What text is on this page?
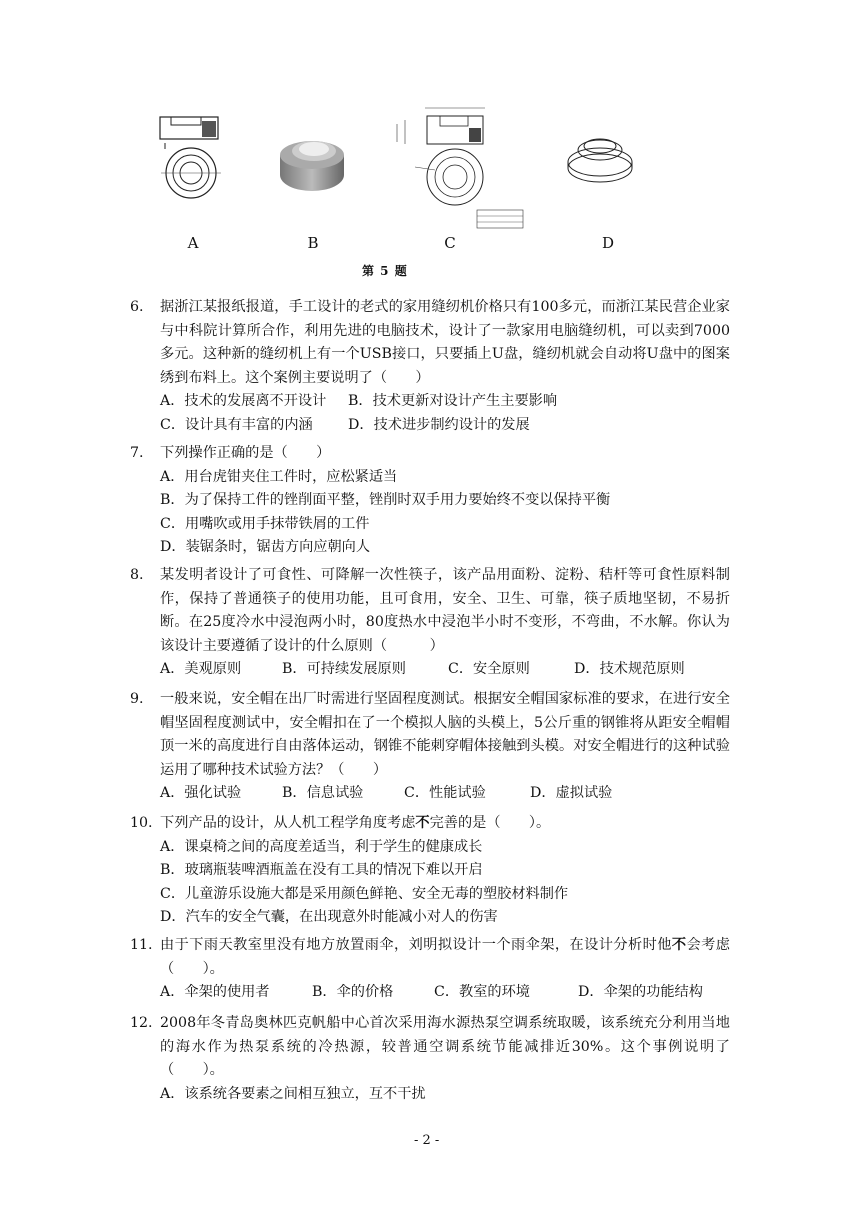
A	B	C	D
第 5 题
6. 据浙江某报纸报道，手工设计的老式的家用缝纫机价格只有100多元，而浙江某民营企业家与中科院计算所合作，利用先进的电脑技术，设计了一款家用电脑缝纫机，可以卖到7000多元。这种新的缝纫机上有一个USB接口，只要插上U盘，缝纫机就会自动将U盘中的图案绣到布料上。这个案例主要说明了（　　）
A．技术的发展离不开设计	B．技术更新对设计产生主要影响
C．设计具有丰富的内涵	D．技术进步制约设计的发展
7. 下列操作正确的是（　　）
A．用台虎钳夹住工件时，应松紧适当
B．为了保持工件的锉削面平整，锉削时双手用力要始终不变以保持平衡
C．用嘴吹或用手抹带铁屑的工件
D．装锯条时，锯齿方向应朝向人
8. 某发明者设计了可食性、可降解一次性筷子，该产品用面粉、淀粉、秸杆等可食性原料制作，保持了普通筷子的使用功能，且可食用，安全、卫生、可靠，筷子质地坚韧，不易折断。在25度冷水中浸泡两小时，80度热水中浸泡半小时不变形，不弯曲，不水解。你认为该设计主要遵循了设计的什么原则（　　　）
A．美观原则	B．可持续发展原则	C．安全原则	D．技术规范原则
9. 一般来说，安全帽在出厂时需进行坚固程度测试。根据安全帽国家标准的要求，在进行安全帽坚固程度测试中，安全帽扣在了一个模拟人脑的头模上，5公斤重的钢锥将从距安全帽帽顶一米的高度进行自由落体运动，钢锥不能刺穿帽体接触到头模。对安全帽进行的这种试验运用了哪种技术试验方法？（　　）
A．强化试验	B．信息试验	C．性能试验	D．虚拟试验
10. 下列产品的设计，从人机工程学角度考虑不完善的是（　　）。
A．课桌椅之间的高度差适当，利于学生的健康成长
B．玻璃瓶装啤酒瓶盖在没有工具的情况下难以开启
C．儿童游乐设施大都是采用颜色鲜艳、安全无毒的塑胶材料制作
D．汽车的安全气囊，在出现意外时能减小对人的伤害
11. 由于下雨天教室里没有地方放置雨伞，刘明拟设计一个雨伞架，在设计分析时他不会考虑（　　）。
A．伞架的使用者	B．伞的价格	C．教室的环境	D．伞架的功能结构
12. 2008年冬青岛奥林匹克帆船中心首次采用海水源热泵空调系统取暖，该系统充分利用当地的海水作为热泵系统的冷热源，较普通空调系统节能减排近30%。这个事例说明了（　　）。
A．该系统各要素之间相互独立，互不干扰
- 2 -
